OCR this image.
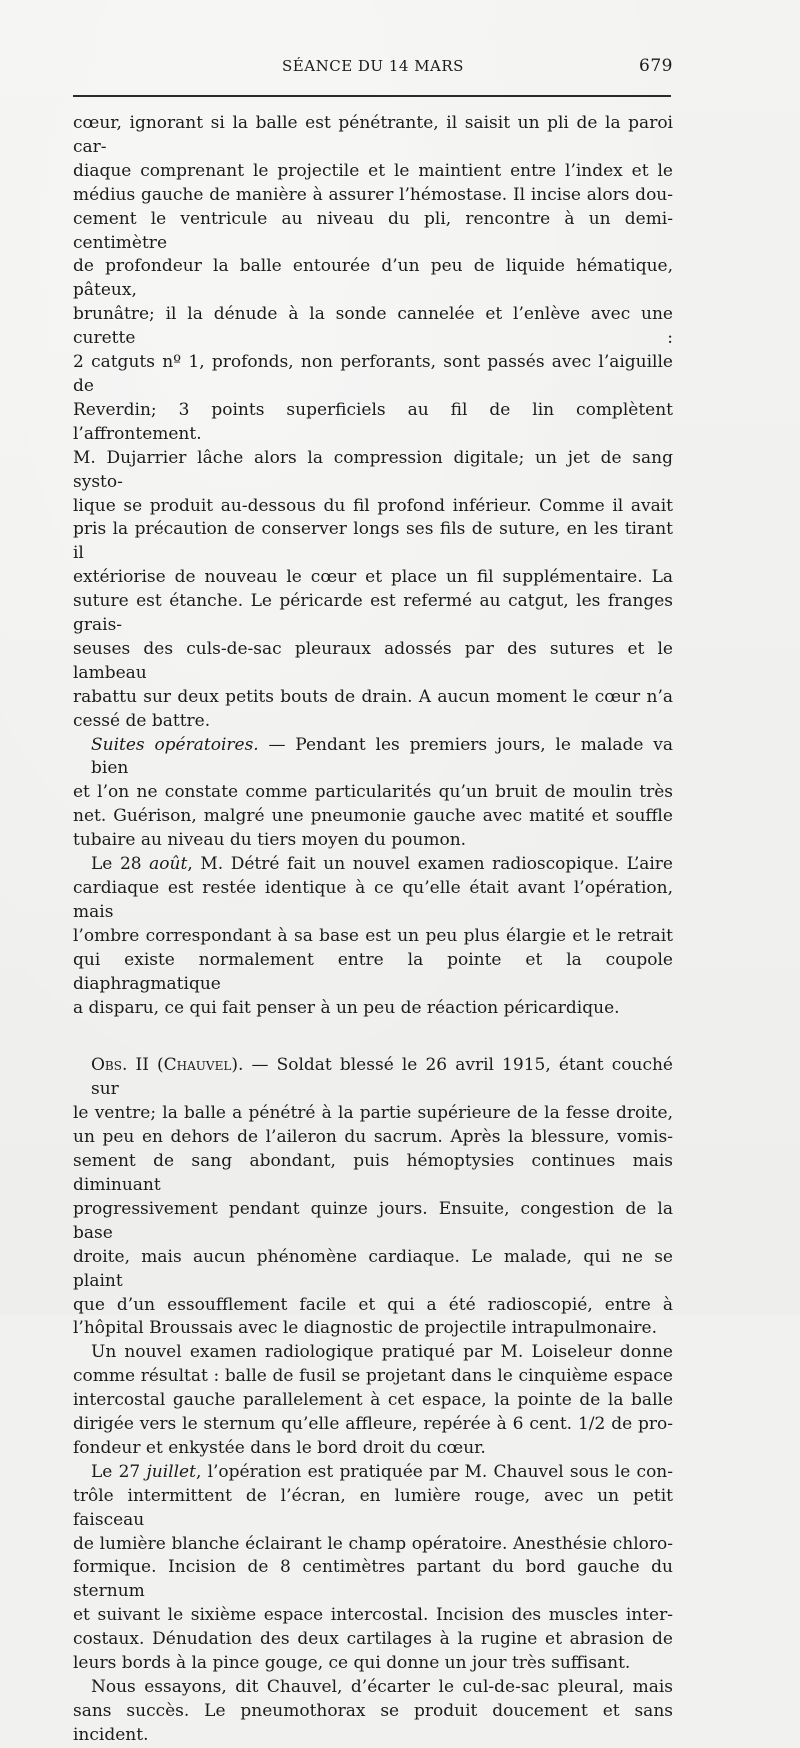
SÉANCE DU 14 MARS	679

cœur, ignorant si la balle est pénétrante, il saisit un pli de la paroi car-

diaque comprenant le projectile et le maintient entre l’index et le

médius gauche de manière à assurer l’hémostase. Il incise alors dou-

cement le ventricule au niveau du pli, rencontre à un demi-centimètre

de profondeur la balle entourée d’un peu de liquide hématique, pâteux,

brunâtre; il la dénude à la sonde cannelée et l’enlève avec une curette :

2 catguts nº 1, profonds, non perforants, sont passés avec l’aiguille de

Reverdin; 3 points superficiels au fil de lin complètent l’affrontement.

M. Dujarrier lâche alors la compression digitale; un jet de sang systo-

lique se produit au-dessous du fil profond inférieur. Comme il avait

pris la précaution de conserver longs ses fils de suture, en les tirant il

extériorise de nouveau le cœur et place un fil supplémentaire. La

suture est étanche. Le péricarde est refermé au catgut, les franges grais-

seuses des culs-de-sac pleuraux adossés par des sutures et le lambeau

rabattu sur deux petits bouts de drain. A aucun moment le cœur n’a

cessé de battre.

Suites opératoires. — Pendant les premiers jours, le malade va bien

et l’on ne constate comme particularités qu’un bruit de moulin très

net. Guérison, malgré une pneumonie gauche avec matité et souffle

tubaire au niveau du tiers moyen du poumon.

Le 28 août, M. Détré fait un nouvel examen radioscopique. L’aire

cardiaque est restée identique à ce qu’elle était avant l’opération, mais

l’ombre correspondant à sa base est un peu plus élargie et le retrait

qui existe normalement entre la pointe et la coupole diaphragmatique

a disparu, ce qui fait penser à un peu de réaction péricardique.

Obs. II (Chauvel). — Soldat blessé le 26 avril 1915, étant couché sur

le ventre; la balle a pénétré à la partie supérieure de la fesse droite,

un peu en dehors de l’aileron du sacrum. Après la blessure, vomis-

sement de sang abondant, puis hémoptysies continues mais diminuant

progressivement pendant quinze jours. Ensuite, congestion de la base

droite, mais aucun phénomène cardiaque. Le malade, qui ne se plaint

que d’un essoufflement facile et qui a été radioscopié, entre à

l’hôpital Broussais avec le diagnostic de projectile intrapulmonaire.

Un nouvel examen radiologique pratiqué par M. Loiseleur donne

comme résultat : balle de fusil se projetant dans le cinquième espace

intercostal gauche parallelement à cet espace, la pointe de la balle

dirigée vers le sternum qu’elle affleure, repérée à 6 cent. 1/2 de pro-

fondeur et enkystée dans le bord droit du cœur.

Le 27 juillet, l’opération est pratiquée par M. Chauvel sous le con-

trôle intermittent de l’écran, en lumière rouge, avec un petit faisceau

de lumière blanche éclairant le champ opératoire. Anesthésie chloro-

formique. Incision de 8 centimètres partant du bord gauche du sternum

et suivant le sixième espace intercostal. Incision des muscles inter-

costaux. Dénudation des deux cartilages à la rugine et abrasion de

leurs bords à la pince gouge, ce qui donne un jour très suffisant.

Nous essayons, dit Chauvel, d’écarter le cul-de-sac pleural, mais

sans succès. Le pneumothorax se produit doucement et sans incident.
